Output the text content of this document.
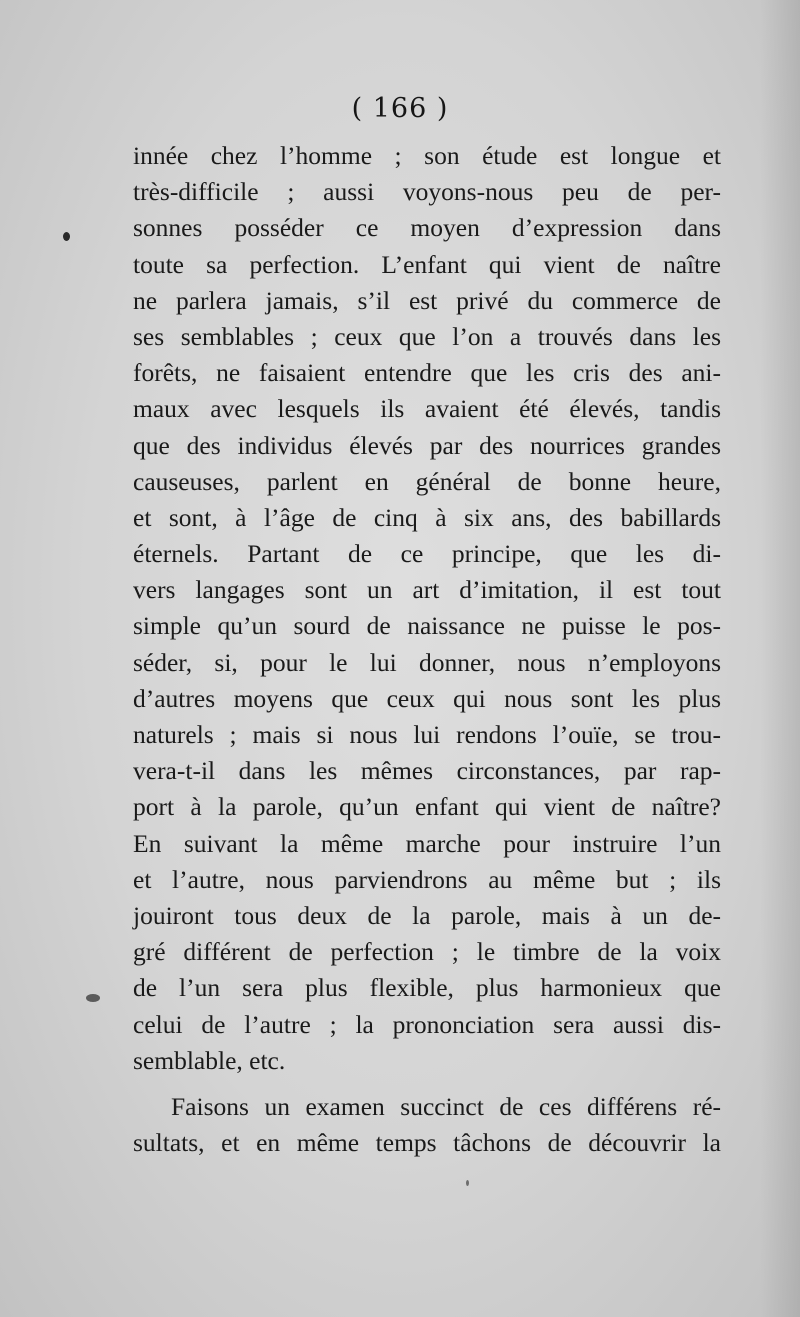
( 166 )
innée chez l’homme ; son étude est longue et
très-difficile ; aussi voyons-nous peu de per-
sonnes posséder ce moyen d’expression dans
toute sa perfection. L’enfant qui vient de naître
ne parlera jamais, s’il est privé du commerce de
ses semblables ; ceux que l’on a trouvés dans les
forêts, ne faisaient entendre que les cris des ani-
maux avec lesquels ils avaient été élevés, tandis
que des individus élevés par des nourrices grandes
causeuses, parlent en général de bonne heure,
et sont, à l’âge de cinq à six ans, des babillards
éternels. Partant de ce principe, que les di-
vers langages sont un art d’imitation, il est tout
simple qu’un sourd de naissance ne puisse le pos-
séder, si, pour le lui donner, nous n’employons
d’autres moyens que ceux qui nous sont les plus
naturels ; mais si nous lui rendons l’ouïe, se trou-
vera-t-il dans les mêmes circonstances, par rap-
port à la parole, qu’un enfant qui vient de naître?
En suivant la même marche pour instruire l’un
et l’autre, nous parviendrons au même but ; ils
jouiront tous deux de la parole, mais à un de-
gré différent de perfection ; le timbre de la voix
de l’un sera plus flexible, plus harmonieux que
celui de l’autre ; la prononciation sera aussi dis-
semblable, etc.
Faisons un examen succinct de ces différens ré-
sultats, et en même temps tâchons de découvrir la
